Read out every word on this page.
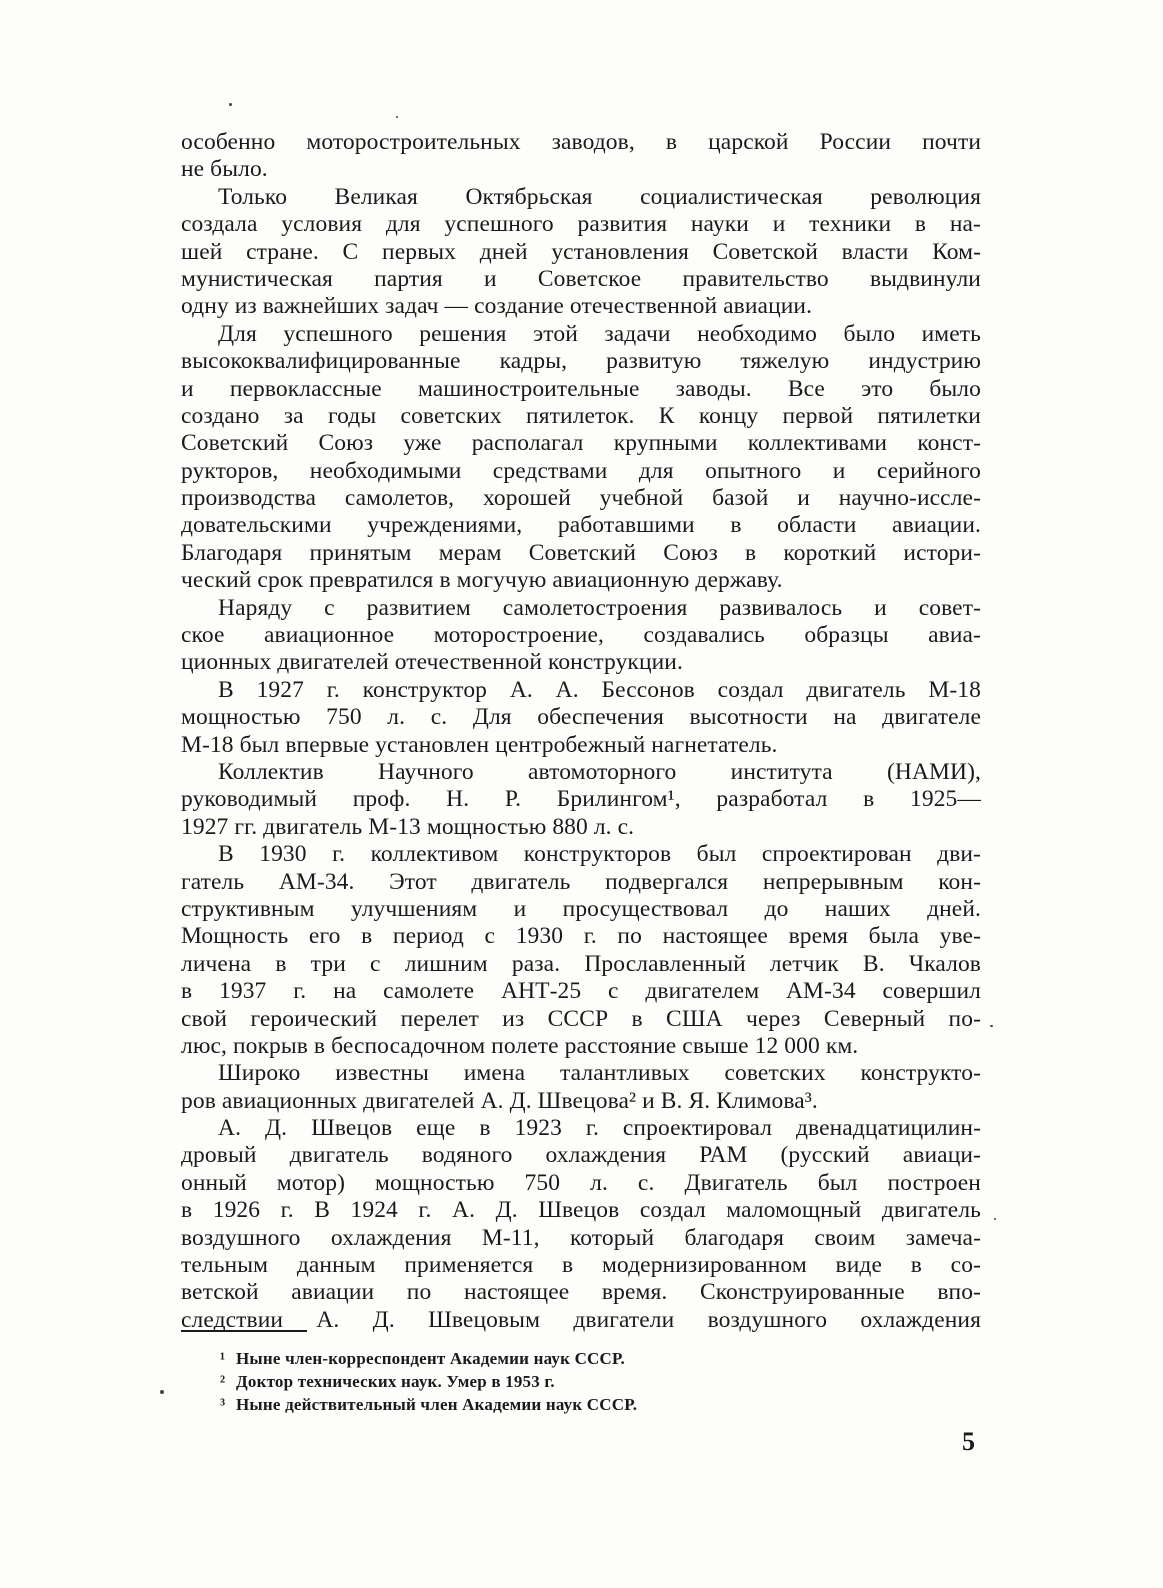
особенно моторостроительных заводов, в царской России почти
не было.
Только Великая Октябрьская социалистическая революция
создала условия для успешного развития науки и техники в на-
шей стране. С первых дней установления Советской власти Ком-
мунистическая партия и Советское правительство выдвинули
одну из важнейших задач — создание отечественной авиации.
Для успешного решения этой задачи необходимо было иметь
высококвалифицированные кадры, развитую тяжелую индустрию
и первоклассные машиностроительные заводы. Все это было
создано за годы советских пятилеток. К концу первой пятилетки
Советский Союз уже располагал крупными коллективами конст-
рукторов, необходимыми средствами для опытного и серийного
производства самолетов, хорошей учебной базой и научно-иссле-
довательскими учреждениями, работавшими в области авиации.
Благодаря принятым мерам Советский Союз в короткий истори-
ческий срок превратился в могучую авиационную державу.
Наряду с развитием самолетостроения развивалось и совет-
ское авиационное моторостроение, создавались образцы авиа-
ционных двигателей отечественной конструкции.
В 1927 г. конструктор А. А. Бессонов создал двигатель М-18
мощностью 750 л. с. Для обеспечения высотности на двигателе
М-18 был впервые установлен центробежный нагнетатель.
Коллектив Научного автомоторного института (НАМИ),
руководимый проф. Н. Р. Брилингом¹, разработал в 1925—
1927 гг. двигатель М-13 мощностью 880 л. с.
В 1930 г. коллективом конструкторов был спроектирован дви-
гатель АМ-34. Этот двигатель подвергался непрерывным кон-
структивным улучшениям и просуществовал до наших дней.
Мощность его в период с 1930 г. по настоящее время была уве-
личена в три с лишним раза. Прославленный летчик В. Чкалов
в 1937 г. на самолете АНТ-25 с двигателем АМ-34 совершил
свой героический перелет из СССР в США через Северный по-
люс, покрыв в беспосадочном полете расстояние свыше 12 000 км.
Широко известны имена талантливых советских конструкто-
ров авиационных двигателей А. Д. Швецова² и В. Я. Климова³.
А. Д. Швецов еще в 1923 г. спроектировал двенадцатицилин-
дровый двигатель водяного охлаждения РАМ (русский авиаци-
онный мотор) мощностью 750 л. с. Двигатель был построен
в 1926 г. В 1924 г. А. Д. Швецов создал маломощный двигатель
воздушного охлаждения М-11, который благодаря своим замеча-
тельным данным применяется в модернизированном виде в со-
ветской авиации по настоящее время. Сконструированные впо-
следствии А. Д. Швецовым двигатели воздушного охлаждения
¹ Ныне член-корреспондент Академии наук СССР.
² Доктор технических наук. Умер в 1953 г.
³ Ныне действительный член Академии наук СССР.
5
